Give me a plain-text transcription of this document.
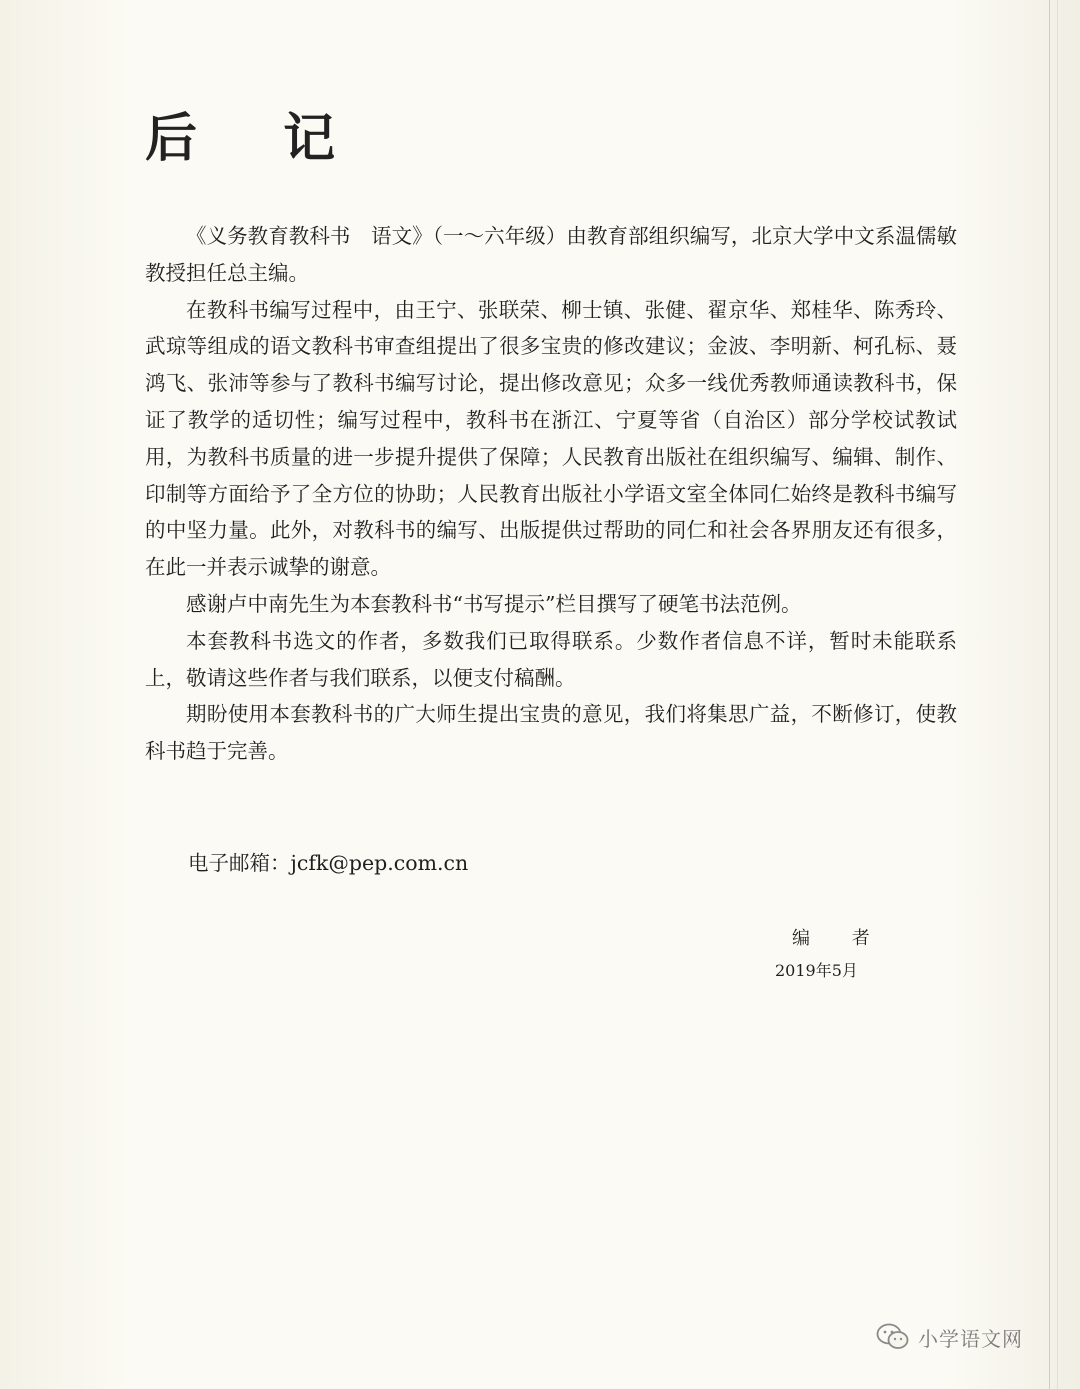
后 记

《义务教育教科书　语文》（一～六年级）由教育部组织编写，北京大学中文系温儒敏教授担任总主编。

在教科书编写过程中，由王宁、张联荣、柳士镇、张健、翟京华、郑桂华、陈秀玲、武琼等组成的语文教科书审查组提出了很多宝贵的修改建议；金波、李明新、柯孔标、聂鸿飞、张沛等参与了教科书编写讨论，提出修改意见；众多一线优秀教师通读教科书，保证了教学的适切性；编写过程中，教科书在浙江、宁夏等省（自治区）部分学校试教试用，为教科书质量的进一步提升提供了保障；人民教育出版社在组织编写、编辑、制作、印制等方面给予了全方位的协助；人民教育出版社小学语文室全体同仁始终是教科书编写的中坚力量。此外，对教科书的编写、出版提供过帮助的同仁和社会各界朋友还有很多，在此一并表示诚挚的谢意。

感谢卢中南先生为本套教科书“书写提示”栏目撰写了硬笔书法范例。

本套教科书选文的作者，多数我们已取得联系。少数作者信息不详，暂时未能联系上，敬请这些作者与我们联系，以便支付稿酬。

期盼使用本套教科书的广大师生提出宝贵的意见，我们将集思广益，不断修订，使教科书趋于完善。

电子邮箱：jcfk@pep.com.cn
编 者
2019年5月
小学语文网
